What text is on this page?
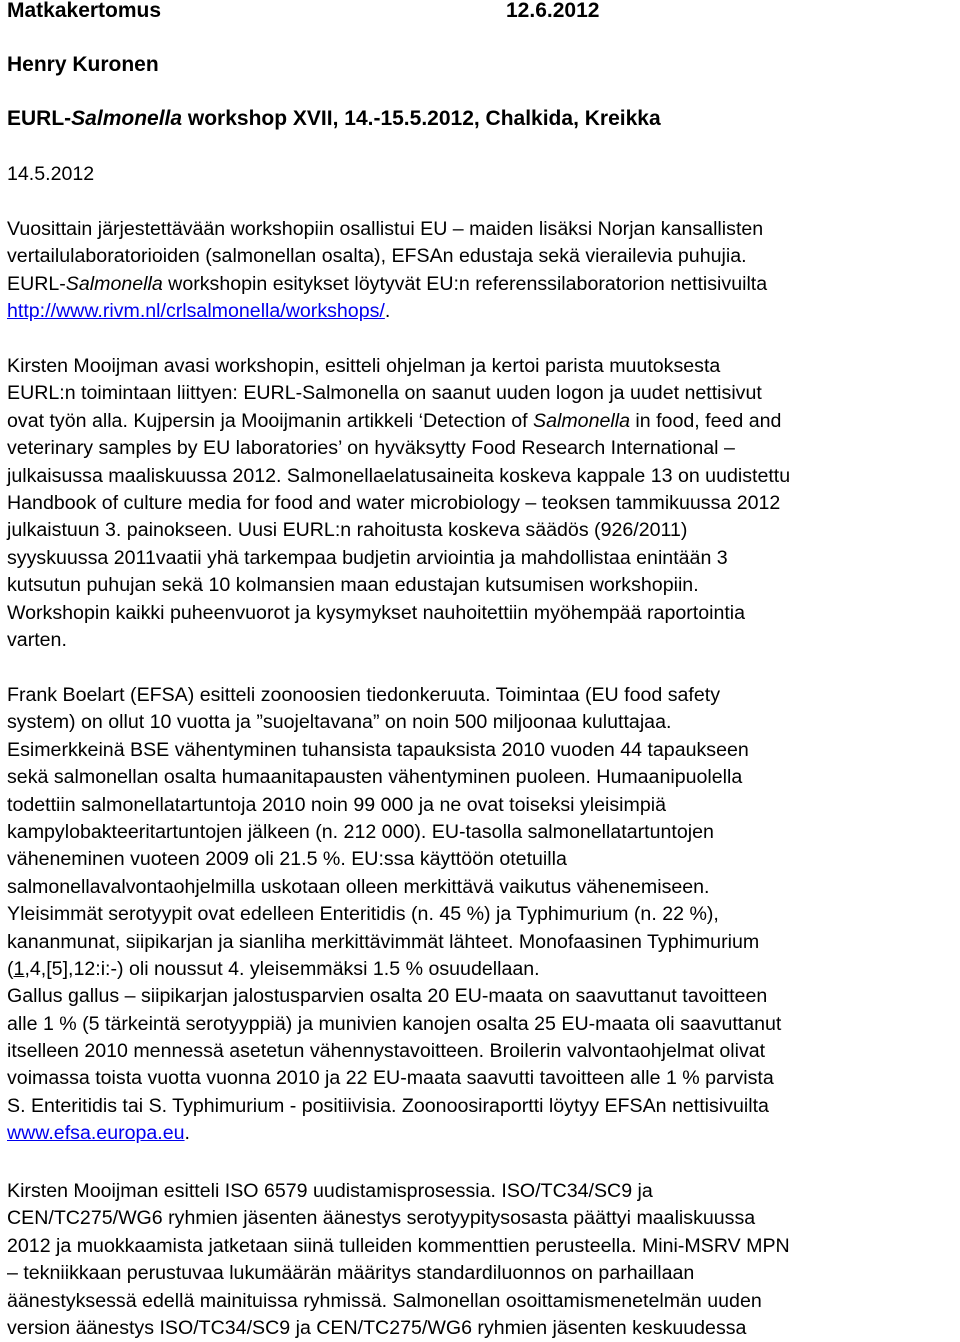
Matkakertomus	12.6.2012
Henry Kuronen
EURL-Salmonella workshop XVII, 14.-15.5.2012, Chalkida, Kreikka
14.5.2012
Vuosittain järjestettävään workshopiin osallistui EU – maiden lisäksi Norjan kansallisten
vertailulaboratorioiden (salmonellan osalta), EFSAn edustaja sekä vierailevia puhujia.
EURL-Salmonella workshopin esitykset löytyvät EU:n referenssilaboratorion nettisivuilta
http://www.rivm.nl/crlsalmonella/workshops/.
Kirsten Mooijman avasi workshopin, esitteli ohjelman ja kertoi parista muutoksesta
EURL:n toimintaan liittyen: EURL-Salmonella on saanut uuden logon ja uudet nettisivut
ovat työn alla. Kujpersin ja Mooijmanin artikkeli ‘Detection of Salmonella in food, feed and
veterinary samples by EU laboratories’ on hyväksytty Food Research International –
julkaisussa maaliskuussa 2012. Salmonellaelatusaineita koskeva kappale 13 on uudistettu
Handbook of culture media for food and water microbiology – teoksen tammikuussa 2012
julkaistuun 3. painokseen. Uusi EURL:n rahoitusta koskeva säädös (926/2011)
syyskuussa 2011vaatii yhä tarkempaa budjetin arviointia ja mahdollistaa enintään 3
kutsutun puhujan sekä 10 kolmansien maan edustajan kutsumisen workshopiin.
Workshopin kaikki puheenvuorot ja kysymykset nauhoitettiin myöhempää raportointia
varten.
Frank Boelart (EFSA) esitteli zoonoosien tiedonkeruuta. Toimintaa (EU food safety
system) on ollut 10 vuotta ja ”suojeltavana” on noin 500 miljoonaa kuluttajaa.
Esimerkkeinä BSE vähentyminen tuhansista tapauksista 2010 vuoden 44 tapaukseen
sekä salmonellan osalta humaanitapausten vähentyminen puoleen. Humaanipuolella
todettiin salmonellatartuntoja 2010 noin 99 000 ja ne ovat toiseksi yleisimpiä
kampylobakteeritartuntojen jälkeen (n. 212 000). EU-tasolla salmonellatartuntojen
väheneminen vuoteen 2009 oli 21.5 %. EU:ssa käyttöön otetuilla
salmonellavalvontaohjelmilla uskotaan olleen merkittävä vaikutus vähenemiseen.
Yleisimmät serotyypit ovat edelleen Enteritidis (n. 45 %) ja Typhimurium (n. 22 %),
kananmunat, siipikarjan ja sianliha merkittävimmät lähteet. Monofaasinen Typhimurium
(1,4,[5],12:i:-) oli noussut 4. yleisemmäksi 1.5 % osuudellaan.
Gallus gallus – siipikarjan jalostusparvien osalta 20 EU-maata on saavuttanut tavoitteen
alle 1 % (5 tärkeintä serotyyppiä) ja munivien kanojen osalta 25 EU-maata oli saavuttanut
itselleen 2010 mennessä asetetun vähennystavoitteen. Broilerin valvontaohjelmat olivat
voimassa toista vuotta vuonna 2010 ja 22 EU-maata saavutti tavoitteen alle 1 % parvista
S. Enteritidis tai S. Typhimurium - positiivisia. Zoonoosiraportti löytyy EFSAn nettisivuilta
www.efsa.europa.eu.
Kirsten Mooijman esitteli ISO 6579 uudistamisprosessia. ISO/TC34/SC9 ja
CEN/TC275/WG6 ryhmien jäsenten äänestys serotyypitysosasta päättyi maaliskuussa
2012 ja muokkaamista jatketaan siinä tulleiden kommenttien perusteella. Mini-MSRV MPN
– tekniikkaan perustuvaa lukumäärän määritys standardiluonnos on parhaillaan
äänestyksessä edellä mainituissa ryhmissä. Salmonellan osoittamismenetelmän uuden
version äänestys ISO/TC34/SC9 ja CEN/TC275/WG6 ryhmien jäsenten keskuudessa
